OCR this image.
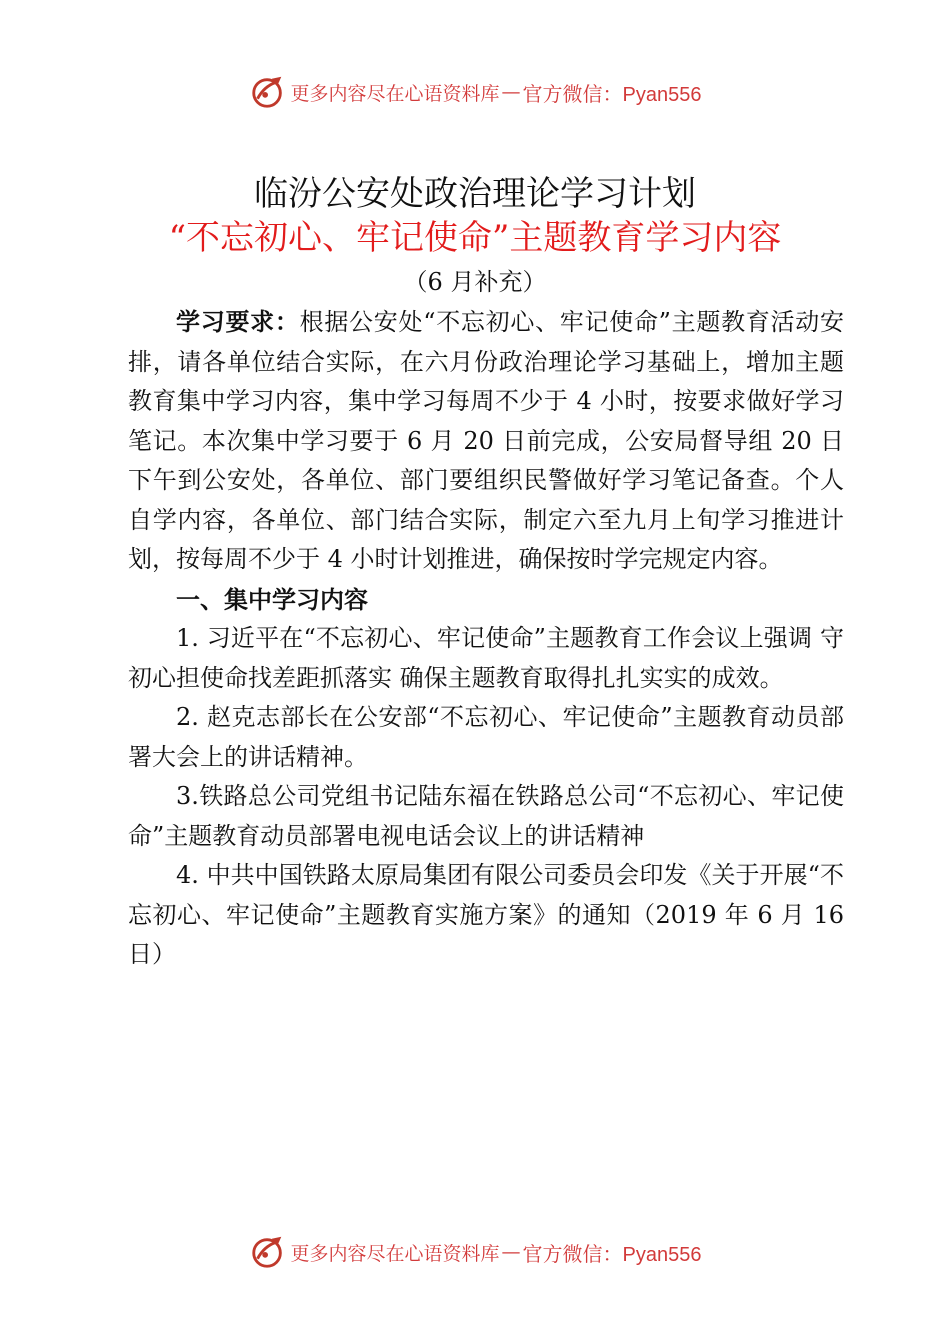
更多内容尽在心语资料库 — 官方微信：Pyan556
临汾公安处政治理论学习计划
“不忘初心、牢记使命”主题教育学习内容
（6 月补充）

学习要求：根据公安处“不忘初心、牢记使命”主题教育活动安排，请各单位结合实际，在六月份政治理论学习基础上，增加主题教育集中学习内容，集中学习每周不少于 4 小时，按要求做好学习笔记。本次集中学习要于 6 月 20 日前完成，公安局督导组 20 日下午到公安处，各单位、部门要组织民警做好学习笔记备查。个人自学内容，各单位、部门结合实际，制定六至九月上旬学习推进计划，按每周不少于 4 小时计划推进，确保按时学完规定内容。

一、集中学习内容

1. 习近平在“不忘初心、牢记使命”主题教育工作会议上强调 守初心担使命找差距抓落实 确保主题教育取得扎扎实实的成效。

2. 赵克志部长在公安部“不忘初心、牢记使命”主题教育动员部署大会上的讲话精神。

3.铁路总公司党组书记陆东福在铁路总公司“不忘初心、牢记使命”主题教育动员部署电视电话会议上的讲话精神

4. 中共中国铁路太原局集团有限公司委员会印发《关于开展“不忘初心、牢记使命”主题教育实施方案》的通知（2019 年 6 月 16 日）

更多内容尽在心语资料库 — 官方微信：Pyan556
